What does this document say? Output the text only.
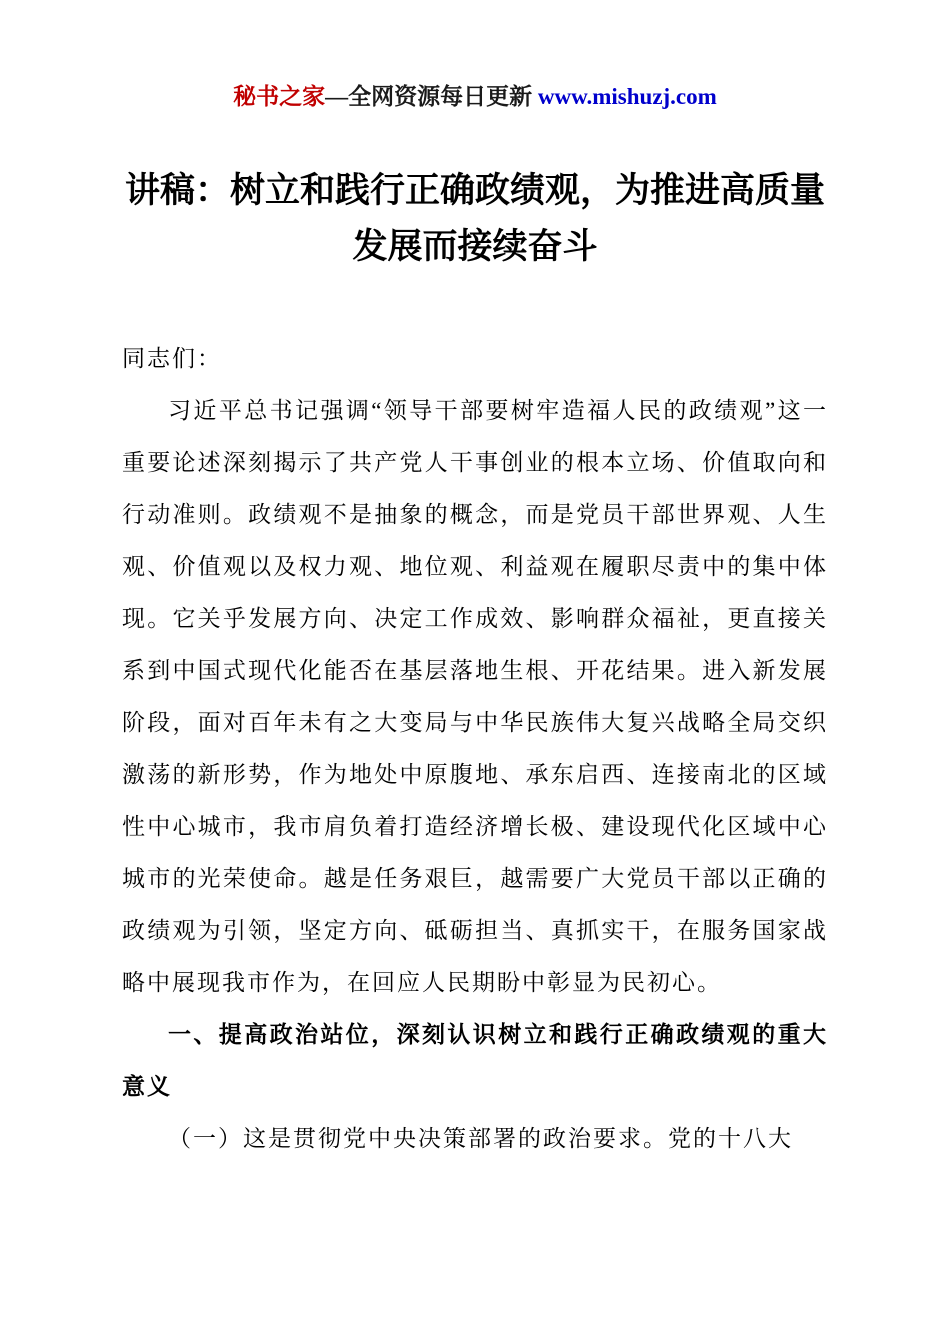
秘书之家—全网资源每日更新 www.mishuzj.com
讲稿：树立和践行正确政绩观，为推进高质量发展而接续奋斗

同志们：

习近平总书记强调“领导干部要树牢造福人民的政绩观”这一重要论述深刻揭示了共产党人干事创业的根本立场、价值取向和行动准则。政绩观不是抽象的概念，而是党员干部世界观、人生观、价值观以及权力观、地位观、利益观在履职尽责中的集中体现。它关乎发展方向、决定工作成效、影响群众福祉，更直接关系到中国式现代化能否在基层落地生根、开花结果。进入新发展阶段，面对百年未有之大变局与中华民族伟大复兴战略全局交织激荡的新形势，作为地处中原腹地、承东启西、连接南北的区域性中心城市，我市肩负着打造经济增长极、建设现代化区域中心城市的光荣使命。越是任务艰巨，越需要广大党员干部以正确的政绩观为引领，坚定方向、砥砺担当、真抓实干，在服务国家战略中展现我市作为，在回应人民期盼中彰显为民初心。

一、提高政治站位，深刻认识树立和践行正确政绩观的重大意义

（一）这是贯彻党中央决策部署的政治要求。党的十八大
